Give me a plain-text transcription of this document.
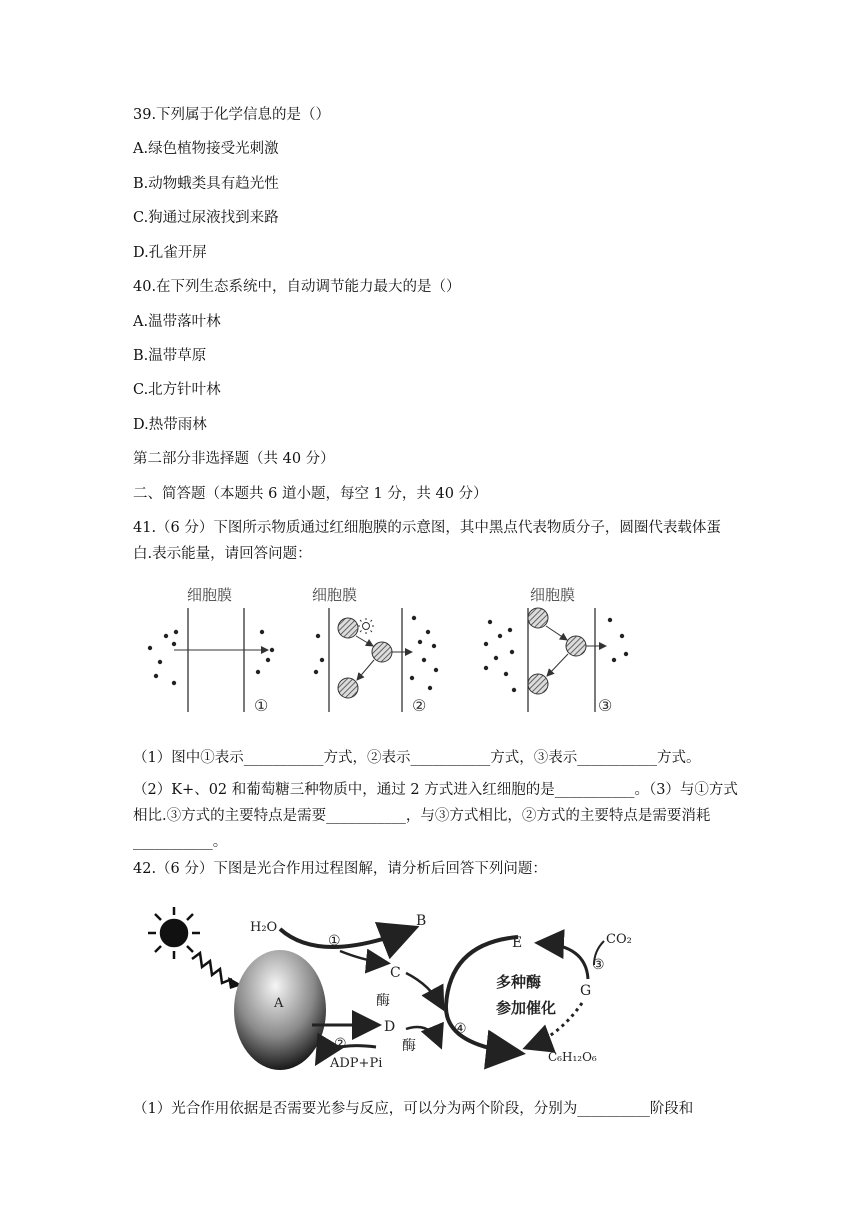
39.下列属于化学信息的是（）
A.绿色植物接受光刺激
B.动物蛾类具有趋光性
C.狗通过尿液找到来路
D.孔雀开屏
40.在下列生态系统中，自动调节能力最大的是（）
A.温带落叶林
B.温带草原
C.北方针叶林
D.热带雨林
第二部分非选择题（共 40 分）
二、简答题（本题共 6 道小题，每空 1 分，共 40 分）
41.（6 分）下图所示物质通过红细胞膜的示意图，其中黑点代表物质分子，圆圈代表载体蛋白.表示能量，请回答问题：
细胞膜
①
细胞膜
②
细胞膜
③
（1）图中①表示___________方式，②表示___________方式，③表示___________方式。
（2）K+、02 和葡萄糖三种物质中，通过 2 方式进入红细胞的是___________。（3）与①方式相比.③方式的主要特点是需要___________，与③方式相比，②方式的主要特点是需要消耗___________。
42.（6 分）下图是光合作用过程图解，请分析后回答下列问题：
A
H₂O	B
①
C
酶
D
酶
ADP+Pi
②
E
④
多种酶
参加催化
G
③
CO₂
C₆H₁₂O₆
（1）光合作用依据是否需要光参与反应，可以分为两个阶段，分别为__________阶段和
